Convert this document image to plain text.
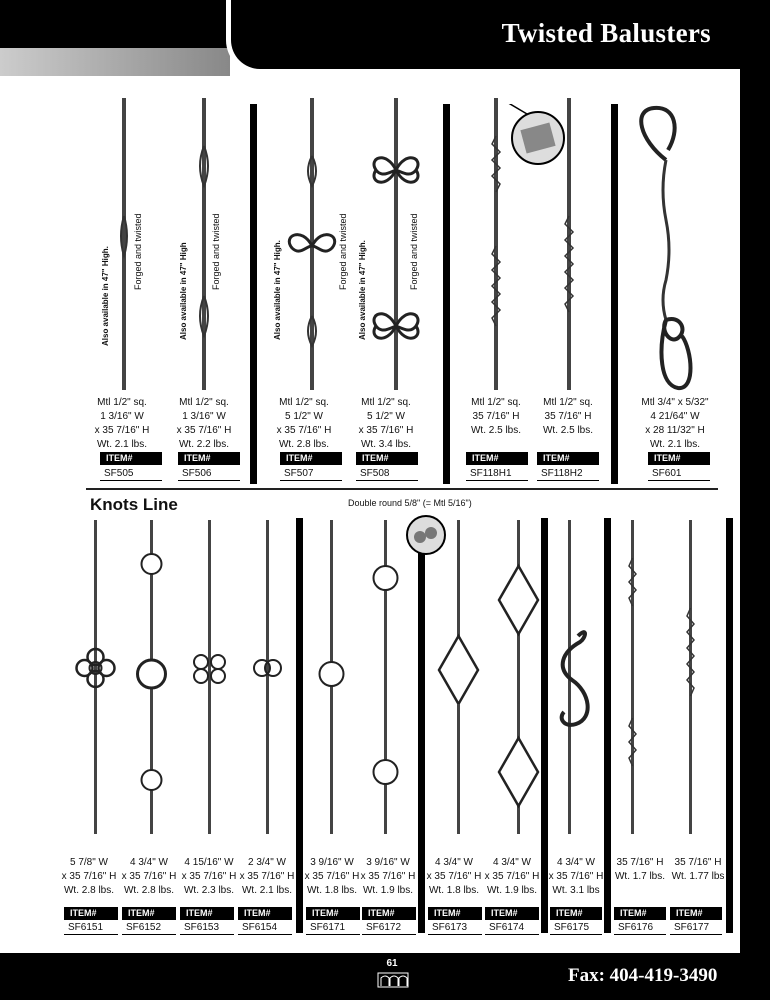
Twisted Balusters
Also available in 47" High.	Forged and twisted	Also available in 47" High	Forged and twisted	Also available in 47" High.	Forged and twisted Also available in 47" High.	Forged and twisted
Mtl 1/2" sq.
1 3/16" W
x 35 7/16" H
Wt. 2.1 lbs.
Mtl 1/2" sq.
1 3/16" W
x 35 7/16" H
Wt. 2.2 lbs.
Mtl 1/2" sq.
5 1/2" W
x 35 7/16" H
Wt. 2.8 lbs.
Mtl 1/2" sq.
5 1/2" W
x 35 7/16" H
Wt. 3.4 lbs.
Mtl 1/2" sq.
35 7/16" H
Wt. 2.5 lbs.
Mtl 1/2" sq.
35 7/16" H
Wt. 2.5 lbs.
Mtl 3/4" x 5/32"
4 21/64" W
x 28 11/32" H
Wt. 2.1 lbs.
ITEM#
SF505
ITEM#
SF506
ITEM#
SF507
ITEM#
SF508
ITEM#
SF118H1
ITEM#
SF118H2
ITEM#
SF601
Knots Line	Double round 5/8" (= Mtl 5/16")
5 7/8" W
x 35 7/16" H
Wt. 2.8 lbs.
4 3/4" W
x 35 7/16" H
Wt. 2.8 lbs.
4 15/16" W
x 35 7/16" H
Wt. 2.3 lbs.
2 3/4" W
x 35 7/16" H
Wt. 2.1 lbs.
3 9/16" W
x 35 7/16" H
Wt. 1.8 lbs.
3 9/16" W
x 35 7/16" H
Wt. 1.9 lbs.
4 3/4" W
x 35 7/16" H
Wt. 1.8 lbs.
4 3/4" W
x 35 7/16" H
Wt. 1.9 lbs.
4 3/4" W
x 35 7/16" H
Wt. 3.1 lbs
35 7/16" H
Wt. 1.7 lbs.
35 7/16" H
Wt. 1.77 lbs
ITEM#
SF6151
ITEM#
SF6152
ITEM#
SF6153
ITEM#
SF6154
ITEM#
SF6171
ITEM#
SF6172
ITEM#
SF6173
ITEM#
SF6174
ITEM#
SF6175
ITEM#
SF6176
ITEM#
SF6177
61
Fax: 404-419-3490
